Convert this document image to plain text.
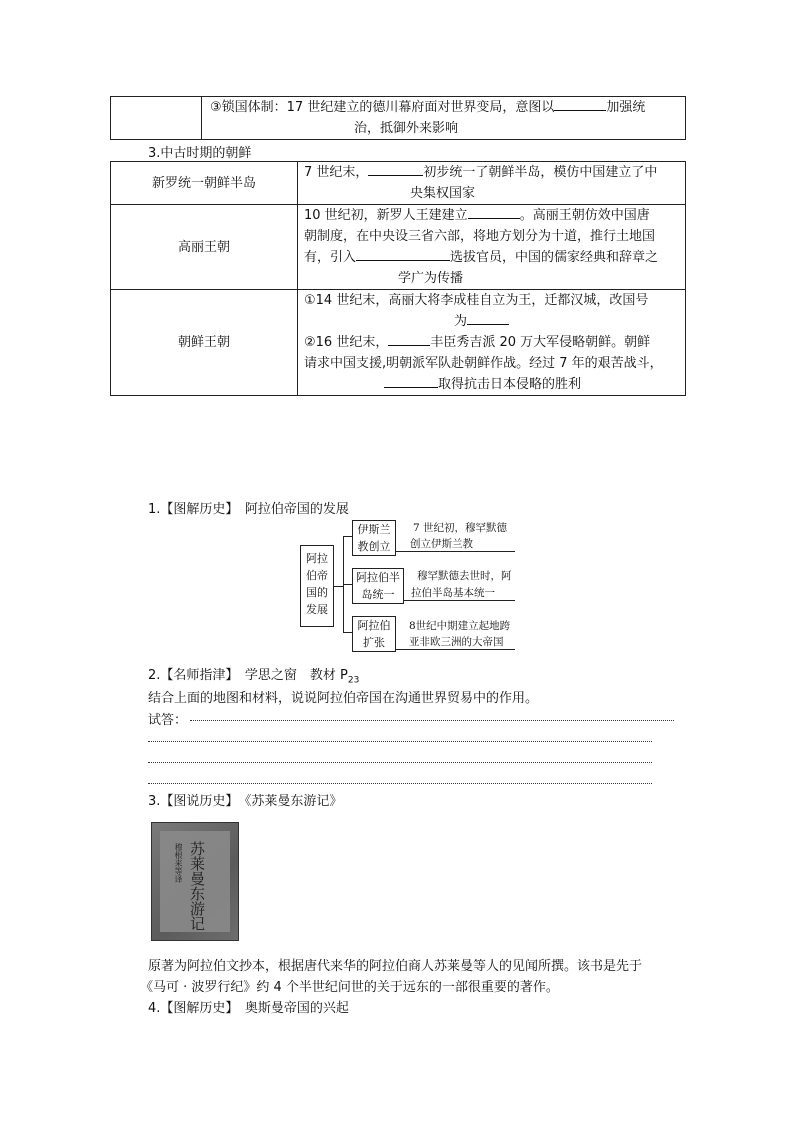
	③锁国体制：17 世纪建立的德川幕府面对世界变局，意图以	加强统
治，抵御外来影响
3.中古时期的朝鲜
新罗统一朝鲜半岛	7 世纪末， 初步统一了朝鲜半岛，模仿中国建立了中
央集权国家
高丽王朝	10 世纪初，新罗人王建建立 。高丽王朝仿效中国唐
朝制度，在中央设三省六部，将地方划分为十道，推行土地国
有，引入 选拔官员，中国的儒家经典和辞章之
学广为传播
朝鲜王朝	①14 世纪末，高丽大将李成桂自立为王，迁都汉城，改国号
为
②16 世纪末， 丰臣秀吉派 20 万大军侵略朝鲜。朝鲜
请求中国支援,明朝派军队赴朝鲜作战。经过 7 年的艰苦战斗，
取得抗击日本侵略的胜利
1.【图解历史】　阿拉伯帝国的发展
阿拉
伯帝
国的
发展
伊斯兰
教创立
7 世纪初，穆罕默德
创立伊斯兰教
阿拉伯半
岛统一
穆罕默德去世时，阿
拉伯半岛基本统一
阿拉伯
扩张
8世纪中期建立起地跨
亚非欧三洲的大帝国
2.【名师指津】　学思之窗　教材 $P_{23}$
结合上面的地图和材料，说说阿拉伯帝国在沟通世界贸易中的作用。
试答：
3.【图说历史】　《苏莱曼东游记》
苏莱曼东游记
穆根来等译
原著为阿拉伯文抄本，根据唐代来华的阿拉伯商人苏莱曼等人的见闻所撰。该书是先于
《马可 · 波罗行纪》约 4 个半世纪问世的关于远东的一部很重要的著作。
4.【图解历史】　奥斯曼帝国的兴起
